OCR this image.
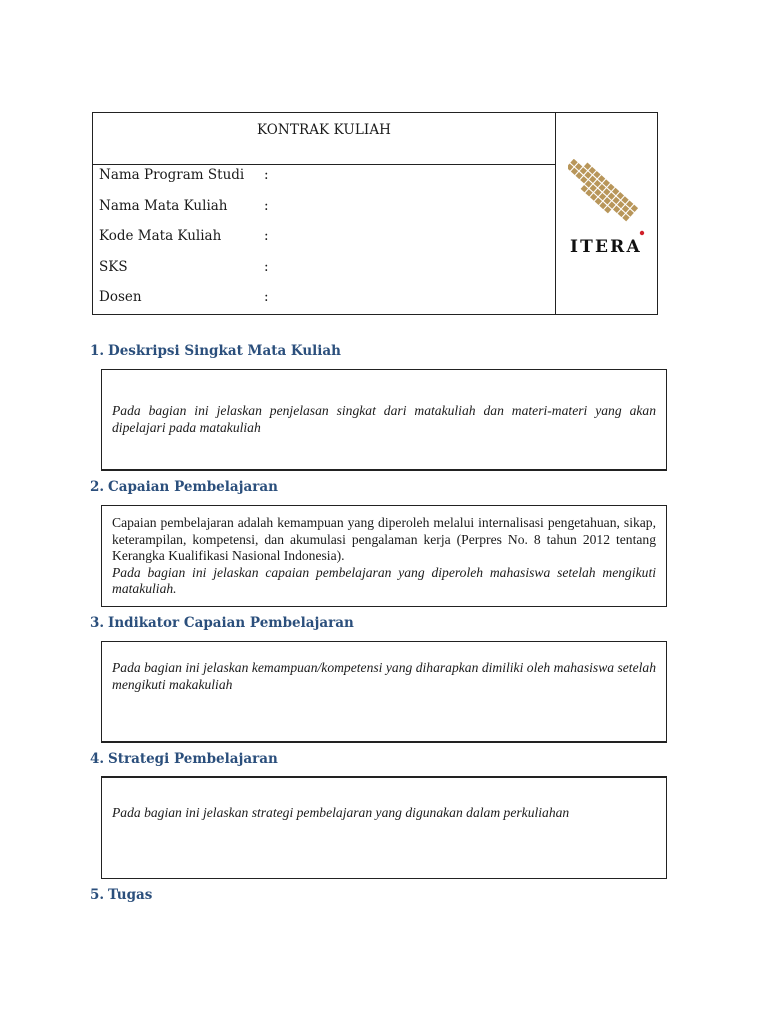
KONTRAK KULIAH
Nama Program Studi :
Nama Mata Kuliah	:
Kode Mata Kuliah	:
SKS	:
Dosen	:
ITERA
1. Deskripsi Singkat Mata Kuliah
Pada bagian ini jelaskan penjelasan singkat dari matakuliah dan materi-materi yang akan dipelajari pada matakuliah
2. Capaian Pembelajaran
Capaian pembelajaran adalah kemampuan yang diperoleh melalui internalisasi pengetahuan, sikap, keterampilan, kompetensi, dan akumulasi pengalaman kerja (Perpres No. 8 tahun 2012 tentang Kerangka Kualifikasi Nasional Indonesia).
Pada bagian ini jelaskan capaian pembelajaran yang diperoleh mahasiswa setelah mengikuti matakuliah.
3. Indikator Capaian Pembelajaran
Pada bagian ini jelaskan kemampuan/kompetensi yang diharapkan dimiliki oleh mahasiswa setelah mengikuti makakuliah
4. Strategi Pembelajaran
Pada bagian ini jelaskan strategi pembelajaran yang digunakan dalam perkuliahan
5. Tugas
